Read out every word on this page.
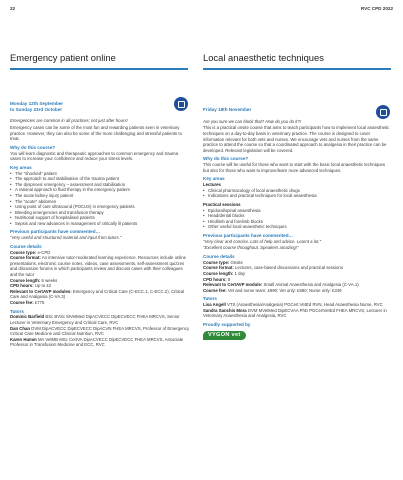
22	RVC CPD 2022
Emergency patient online	Local anaesthetic techniques
Monday 12th September
to Sunday 23rd October

Emergencies are common in all practices; not just after hours!

Emergency cases can be some of the most fun and rewarding patients seen in veterinary practice. However, they can also be some of the more challenging and stressful patients to treat.

Why do this course?

You will learn diagnostic and therapeutic approaches to common emergency and trauma cases to increase your confidence and reduce your stress levels.

Key areas
• The "shocked" patient
• The approach to and stabilisation of the trauma patient
• The dyspnoeic emergency – assessment and stabilisation
• A rational approach to fluid therapy in the emergency patient
• The acute kidney injury patient
• The "acute" abdomen
• Using point of care ultrasound (POCUS) in emergency patients
• Bleeding emergencies and transfusion therapy
• Nutritional support of hospitalised patients
• Sepsis and new advances in management of critically ill patients
Previous participants have commented…

"Very useful and structured material and input from tutors."

Course details
Course type: e-CPD
Course format: An intensive tutor-moderated learning experience. Resources include online presentations, electronic course notes, videos, case assessments, self-assessment quizzes and discussion forums in which participants review and discuss cases with their colleagues and the tutor
Course length: 6 weeks
CPD hours: Up to 42
Relevant to CertAVP modules: Emergency and Critical Care (C-ECC.1, C-ECC.2), Critical Care and Analgesia (C-VA.3)
Course fee: £775
Tutors
Dominic Barfield BSc BVSc MVetMed DipACVECC DipECVECC FHEA MRCVS, Senior Lecturer in Veterinary Emergency and Critical Care, RVC
Dan Chan DVM DipACVECC DipECVECC DipACVN FHEA MRCVS, Professor of Emergency Critical Care Medicine and Clinical Nutrition, RVC
Karen Humm MA VetMB MSc CertVA DipACVECC DipECVECC FHEA MRCVS, Associate Professor in Transfusion Medicine and ECC, RVC
Friday 18th November

Are you sure we can block that? How do you do it?!

This is a practical onsite course that aims to teach participants how to implement local anaesthetic techniques on a day-to-day basis in veterinary practice. The course is designed to cover information relevant for both vets and nurses. We encourage vets and nurses from the same practice to attend the course so that a coordinated approach to analgesia in their practice can be developed. Relevant legislation will be covered.

Why do this course?

This course will be useful for those who want to start with the basic local anaesthetic techniques but also for those who want to improve/learn more advanced techniques.

Key areas
Lectures
• Clinical pharmacology of local anaesthetic drugs
• Indications and practical techniques for local anaesthesia
Practical sessions
• Epidural/spinal anaesthesia
• Head/dental blocks
• Hindlimb and forelimb blocks
• Other useful local anaesthetic techniques
Previous participants have commented…

"Very clear and concise. Lots of help and advice. Learnt a lot."

"Excellent course throughout. Speakers amazing!"

Course details
Course type: Onsite
Course format: Lectures, case-based discussions and practical sessions
Course length: 1 day
CPD hours: 8
Relevant to CertAVP module: Small Animal Anaesthesia and Analgesia (C-VA.1)
Course fee: Vet and nurse team: £990; Vet only: £680; Nurse only: £349
Tutors
Lisa Angell VTS (Anaesthesia/Analgesia) PGCert VetEd RVN, Head Anaesthesia Nurse, RVC
Sandra Sanchis Mora DVM MVetMed DipECVAA PhD PGCertVetEd FHEA MRCVS, Lecturer in Veterinary Anaesthesia and Analgesia, RVC
Proudly supported by
VYGON vet
